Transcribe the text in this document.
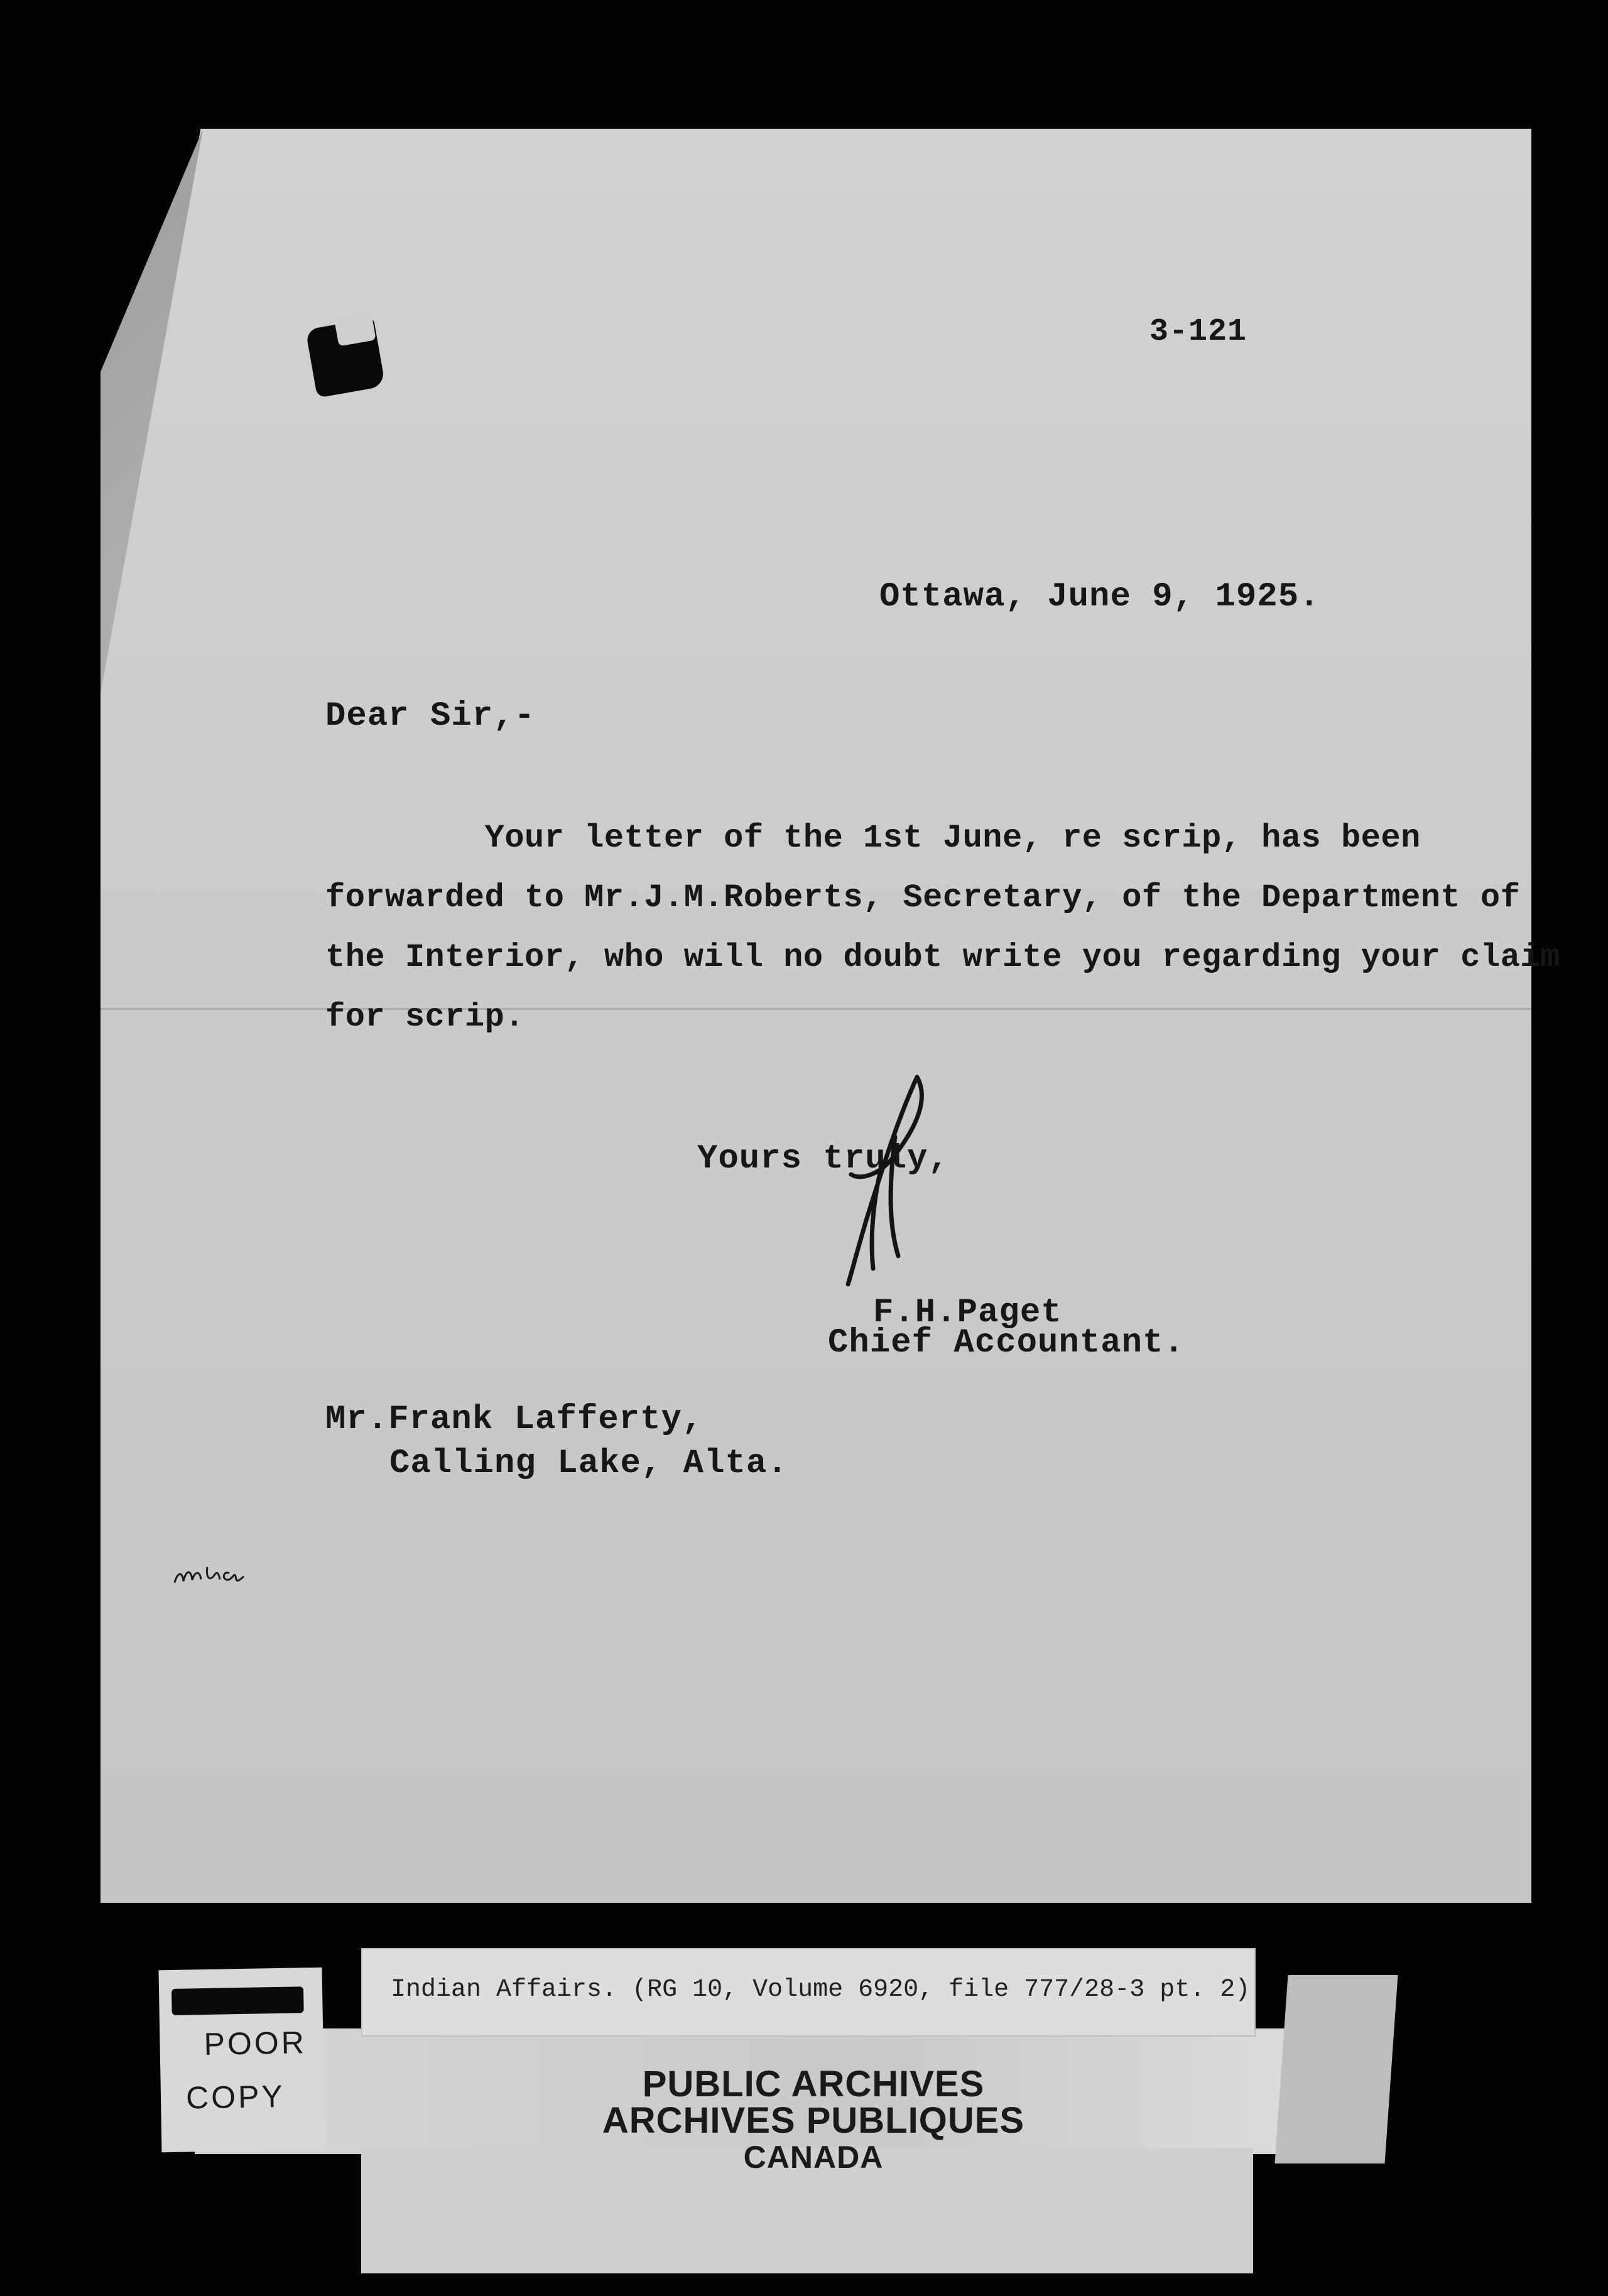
3-121
Ottawa, June 9, 1925.
Dear Sir,-
Your letter of the 1st June, re scrip, has been
forwarded to Mr.J.M.Roberts, Secretary, of the Department of
the Interior, who will no doubt write you regarding your claim
for scrip.
Yours truly,
F.H.Paget
Chief Accountant.
Mr.Frank Lafferty,
Calling Lake, Alta.
POOR
COPY
Indian Affairs. (RG 10, Volume 6920, file 777/28-3 pt. 2)
PUBLIC ARCHIVES
ARCHIVES PUBLIQUES
CANADA
